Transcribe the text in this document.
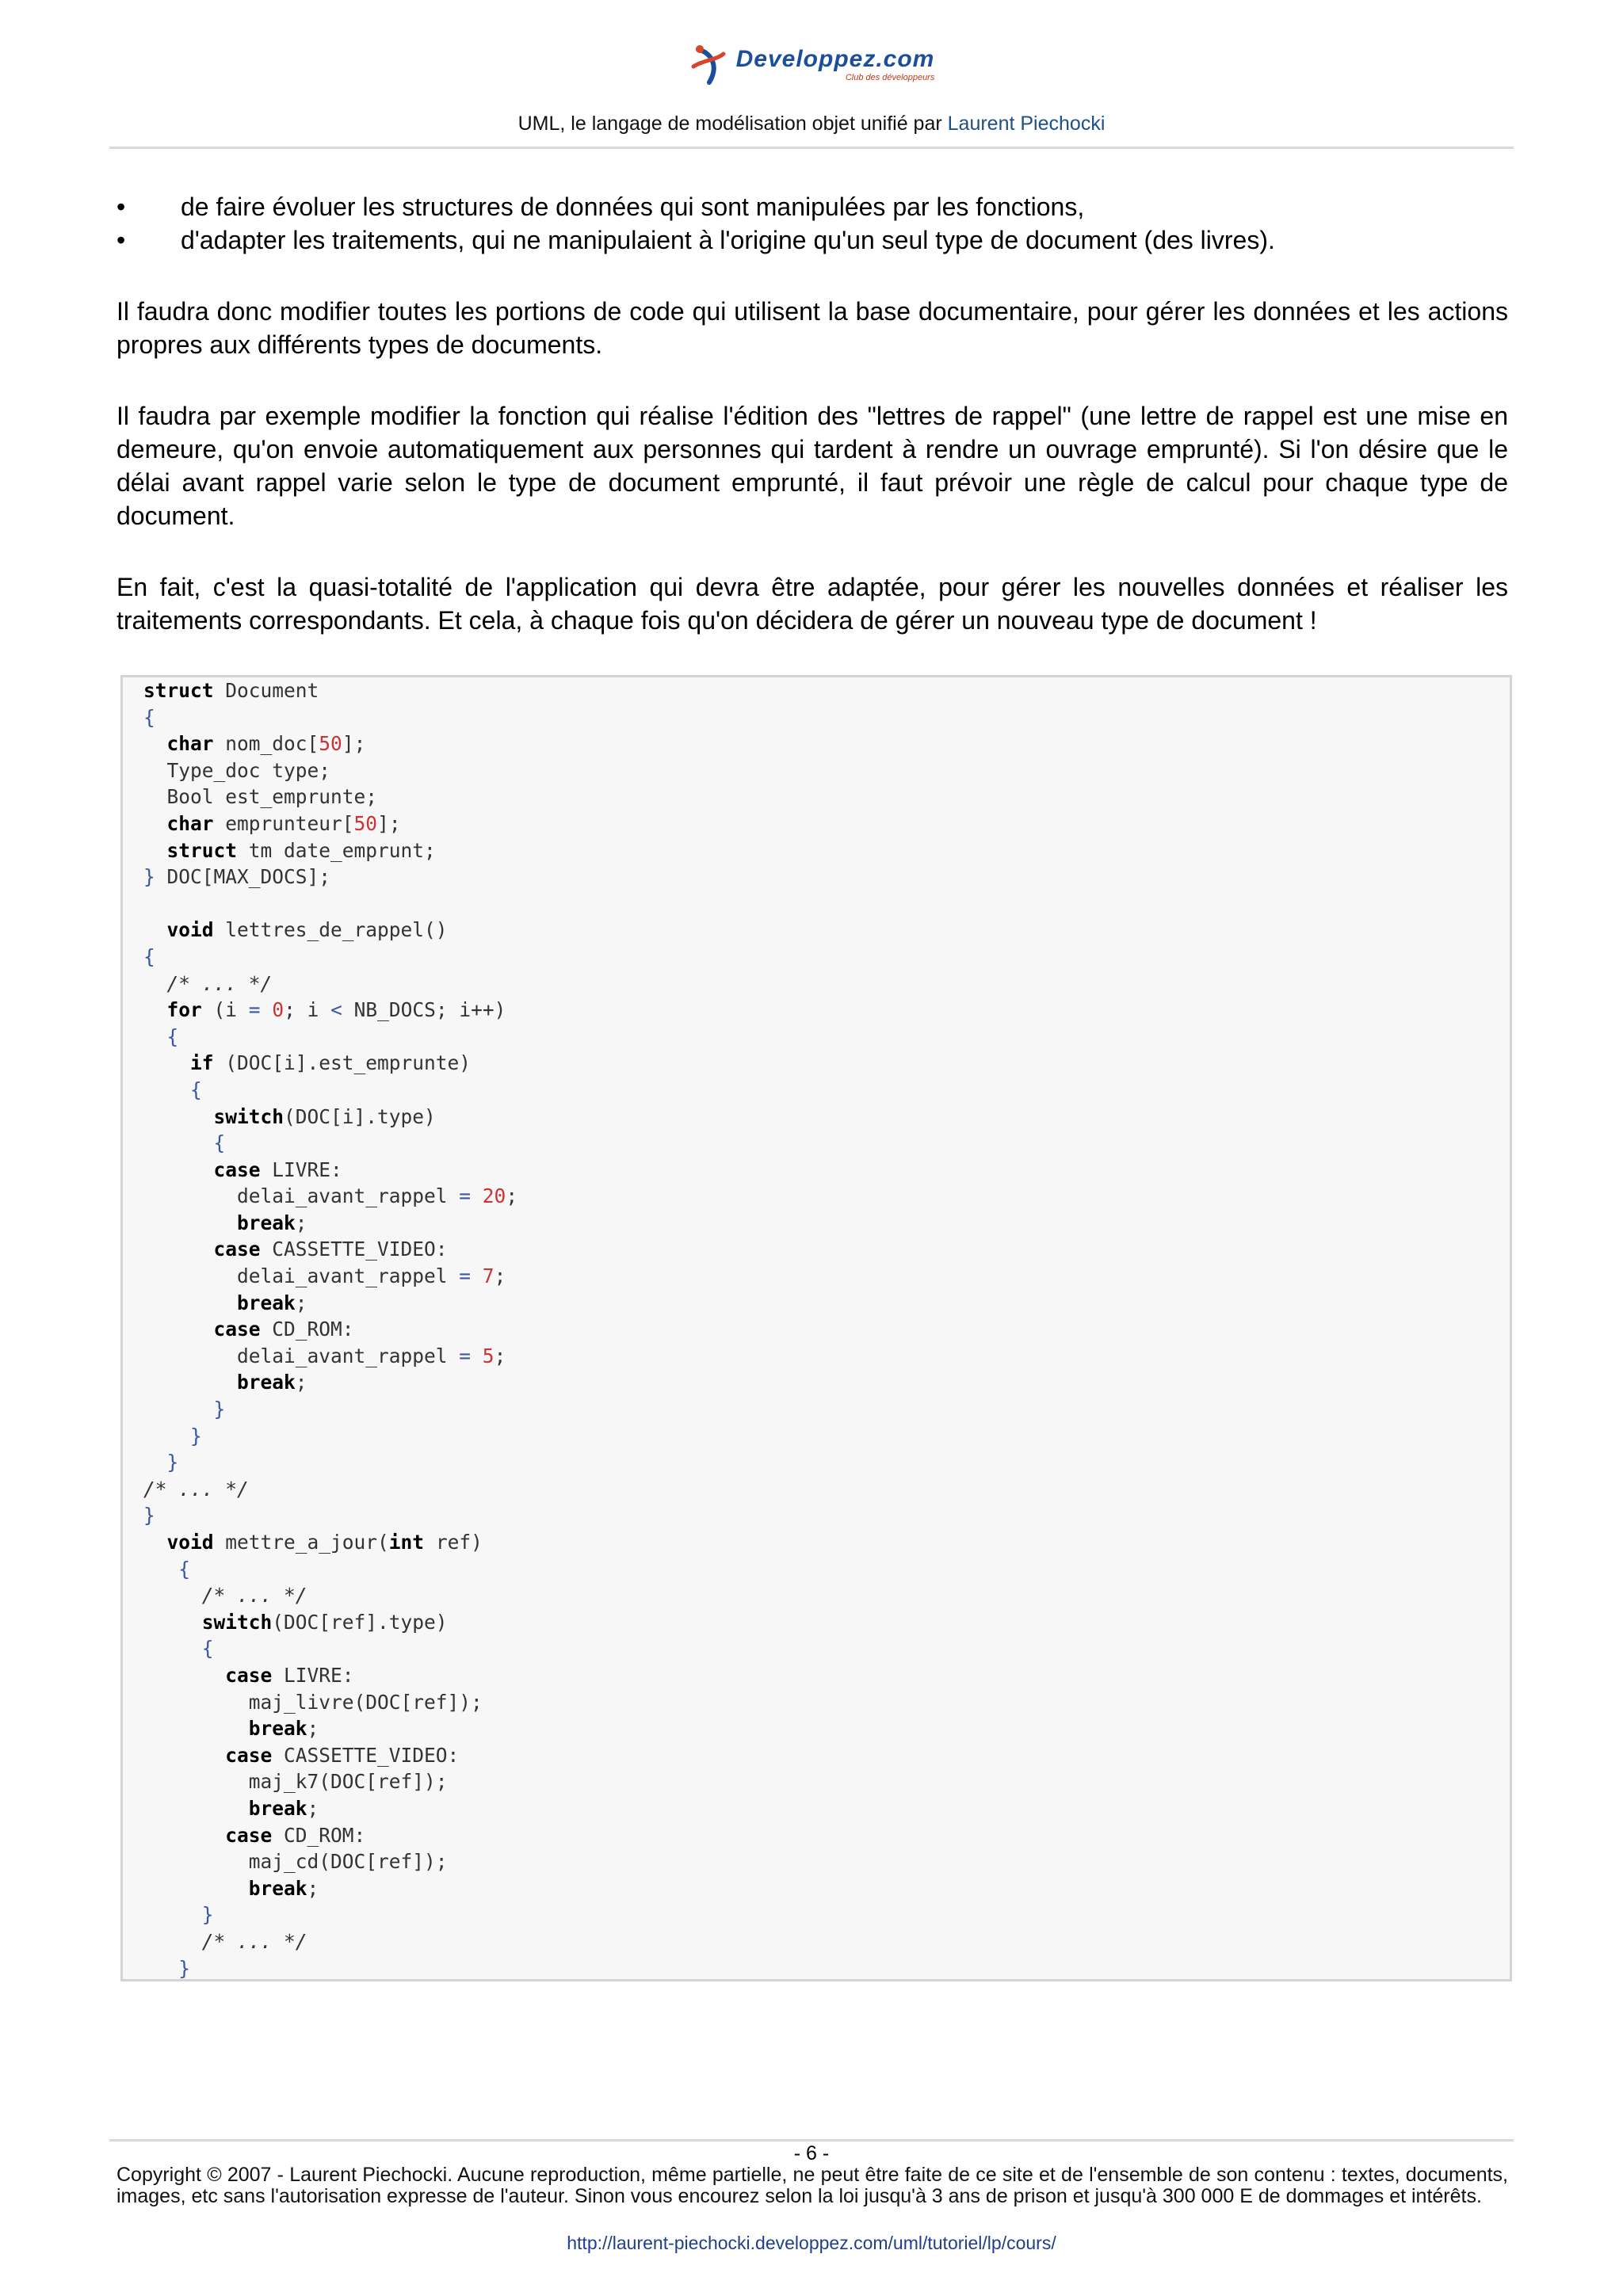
Developpez.com
Club des développeurs
UML, le langage de modélisation objet unifié par Laurent Piechocki
• de faire évoluer les structures de données qui sont manipulées par les fonctions,
• d'adapter les traitements, qui ne manipulaient à l'origine qu'un seul type de document (des livres).

Il faudra donc modifier toutes les portions de code qui utilisent la base documentaire, pour gérer les données et les actions propres aux différents types de documents.

Il faudra par exemple modifier la fonction qui réalise l'édition des "lettres de rappel" (une lettre de rappel est une mise en demeure, qu'on envoie automatiquement aux personnes qui tardent à rendre un ouvrage emprunté). Si l'on désire que le délai avant rappel varie selon le type de document emprunté, il faut prévoir une règle de calcul pour chaque type de document.

En fait, c'est la quasi-totalité de l'application qui devra être adaptée, pour gérer les nouvelles données et réaliser les traitements correspondants. Et cela, à chaque fois qu'on décidera de gérer un nouveau type de document !

struct Document
{
char nom_doc[50];
Type_doc type;
Bool est_emprunte;
char emprunteur[50];
struct tm date_emprunt;
} DOC[MAX_DOCS];
void lettres_de_rappel()
{
/* ... */
for (i = 0; i < NB_DOCS; i++)
{
if (DOC[i].est_emprunte)
{
switch(DOC[i].type)
{
case LIVRE:
delai_avant_rappel = 20;
break;
case CASSETTE_VIDEO:
delai_avant_rappel = 7;
break;
case CD_ROM:
delai_avant_rappel = 5;
break;
}
}
}
/* ... */
}
void mettre_a_jour(int ref)
{
/* ... */
switch(DOC[ref].type)
{
case LIVRE:
maj_livre(DOC[ref]);
break;
case CASSETTE_VIDEO:
maj_k7(DOC[ref]);
break;
case CD_ROM:
maj_cd(DOC[ref]);
break;
}
/* ... */
}
- 6 -
Copyright © 2007 - Laurent Piechocki. Aucune reproduction, même partielle, ne peut être faite de ce site et de l'ensemble de son contenu : textes, documents, images, etc sans l'autorisation expresse de l'auteur. Sinon vous encourez selon la loi jusqu'à 3 ans de prison et jusqu'à 300 000 E de dommages et intérêts.
http://laurent-piechocki.developpez.com/uml/tutoriel/lp/cours/
